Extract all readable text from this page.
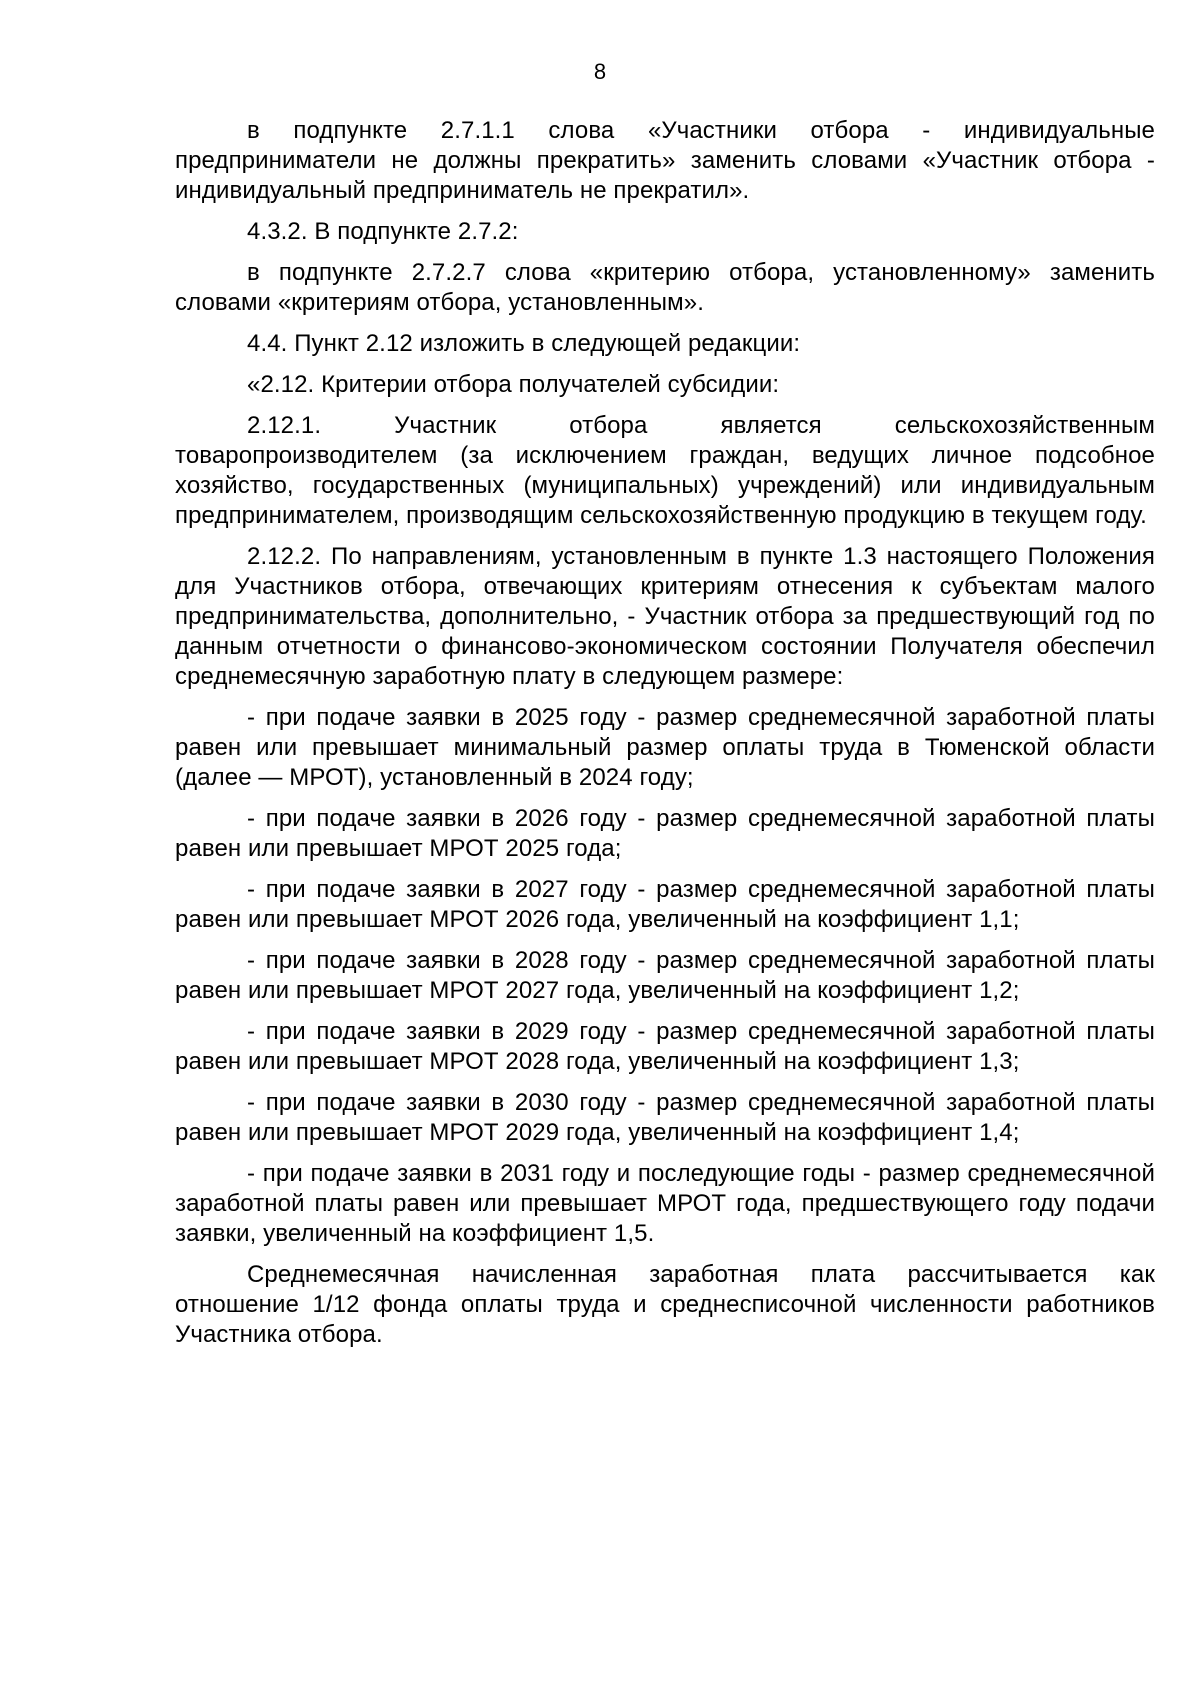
8

в подпункте 2.7.1.1 слова «Участники отбора - индивидуальные предприниматели не должны прекратить» заменить словами «Участник отбора - индивидуальный предприниматель не прекратил».

4.3.2. В подпункте 2.7.2:

в подпункте 2.7.2.7 слова «критерию отбора, установленному» заменить словами «критериям отбора, установленным».

4.4. Пункт 2.12 изложить в следующей редакции:

«2.12. Критерии отбора получателей субсидии:

2.12.1. Участник отбора является сельскохозяйственным товаропроизводителем (за исключением граждан, ведущих личное подсобное хозяйство, государственных (муниципальных) учреждений) или индивидуальным предпринимателем, производящим сельскохозяйственную продукцию в текущем году.

2.12.2. По направлениям, установленным в пункте 1.3 настоящего Положения для Участников отбора, отвечающих критериям отнесения к субъектам малого предпринимательства, дополнительно, - Участник отбора за предшествующий год по данным отчетности о финансово-экономическом состоянии Получателя обеспечил среднемесячную заработную плату в следующем размере:

- при подаче заявки в 2025 году - размер среднемесячной заработной платы равен или превышает минимальный размер оплаты труда в Тюменской области (далее — МРОТ), установленный в 2024 году;

- при подаче заявки в 2026 году - размер среднемесячной заработной платы равен или превышает МРОТ 2025 года;

- при подаче заявки в 2027 году - размер среднемесячной заработной платы равен или превышает МРОТ 2026 года, увеличенный на коэффициент 1,1;

- при подаче заявки в 2028 году - размер среднемесячной заработной платы равен или превышает МРОТ 2027 года, увеличенный на коэффициент 1,2;

- при подаче заявки в 2029 году - размер среднемесячной заработной платы равен или превышает МРОТ 2028 года, увеличенный на коэффициент 1,3;

- при подаче заявки в 2030 году - размер среднемесячной заработной платы равен или превышает МРОТ 2029 года, увеличенный на коэффициент 1,4;

- при подаче заявки в 2031 году и последующие годы - размер среднемесячной заработной платы равен или превышает МРОТ года, предшествующего году подачи заявки, увеличенный на коэффициент 1,5.

Среднемесячная начисленная заработная плата рассчитывается как отношение 1/12 фонда оплаты труда и среднесписочной численности работников Участника отбора.
